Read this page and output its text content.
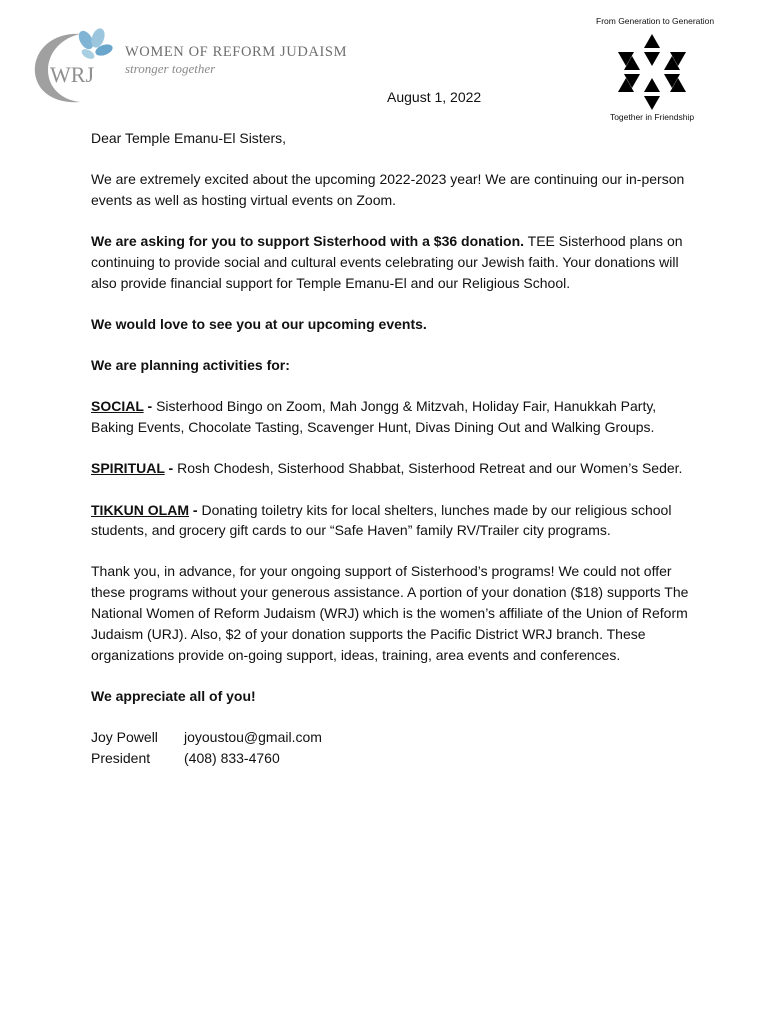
WRJ
WOMEN OF REFORM JUDAISM
stronger together
From Generation to Generation
Together in Friendship
August 1, 2022

Dear Temple Emanu-El Sisters,

We are extremely excited about the upcoming 2022-2023 year! We are continuing our in-person events as well as hosting virtual events on Zoom.

We are asking for you to support Sisterhood with a $36 donation. TEE Sisterhood plans on continuing to provide social and cultural events celebrating our Jewish faith. Your donations will also provide financial support for Temple Emanu-El and our Religious School.

We would love to see you at our upcoming events.

We are planning activities for:

SOCIAL - Sisterhood Bingo on Zoom, Mah Jongg & Mitzvah, Holiday Fair, Hanukkah Party, Baking Events, Chocolate Tasting, Scavenger Hunt, Divas Dining Out and Walking Groups.

SPIRITUAL - Rosh Chodesh, Sisterhood Shabbat, Sisterhood Retreat and our Women’s Seder.

TIKKUN OLAM - Donating toiletry kits for local shelters, lunches made by our religious school students, and grocery gift cards to our “Safe Haven” family RV/Trailer city programs.

Thank you, in advance, for your ongoing support of Sisterhood’s programs! We could not offer these programs without your generous assistance. A portion of your donation ($18) supports The National Women of Reform Judaism (WRJ) which is the women’s affiliate of the Union of Reform Judaism (URJ). Also, $2 of your donation supports the Pacific District WRJ branch. These organizations provide on-going support, ideas, training, area events and conferences.

We appreciate all of you!

Joy Powell	joyoustou@gmail.com
President	(408) 833-4760
